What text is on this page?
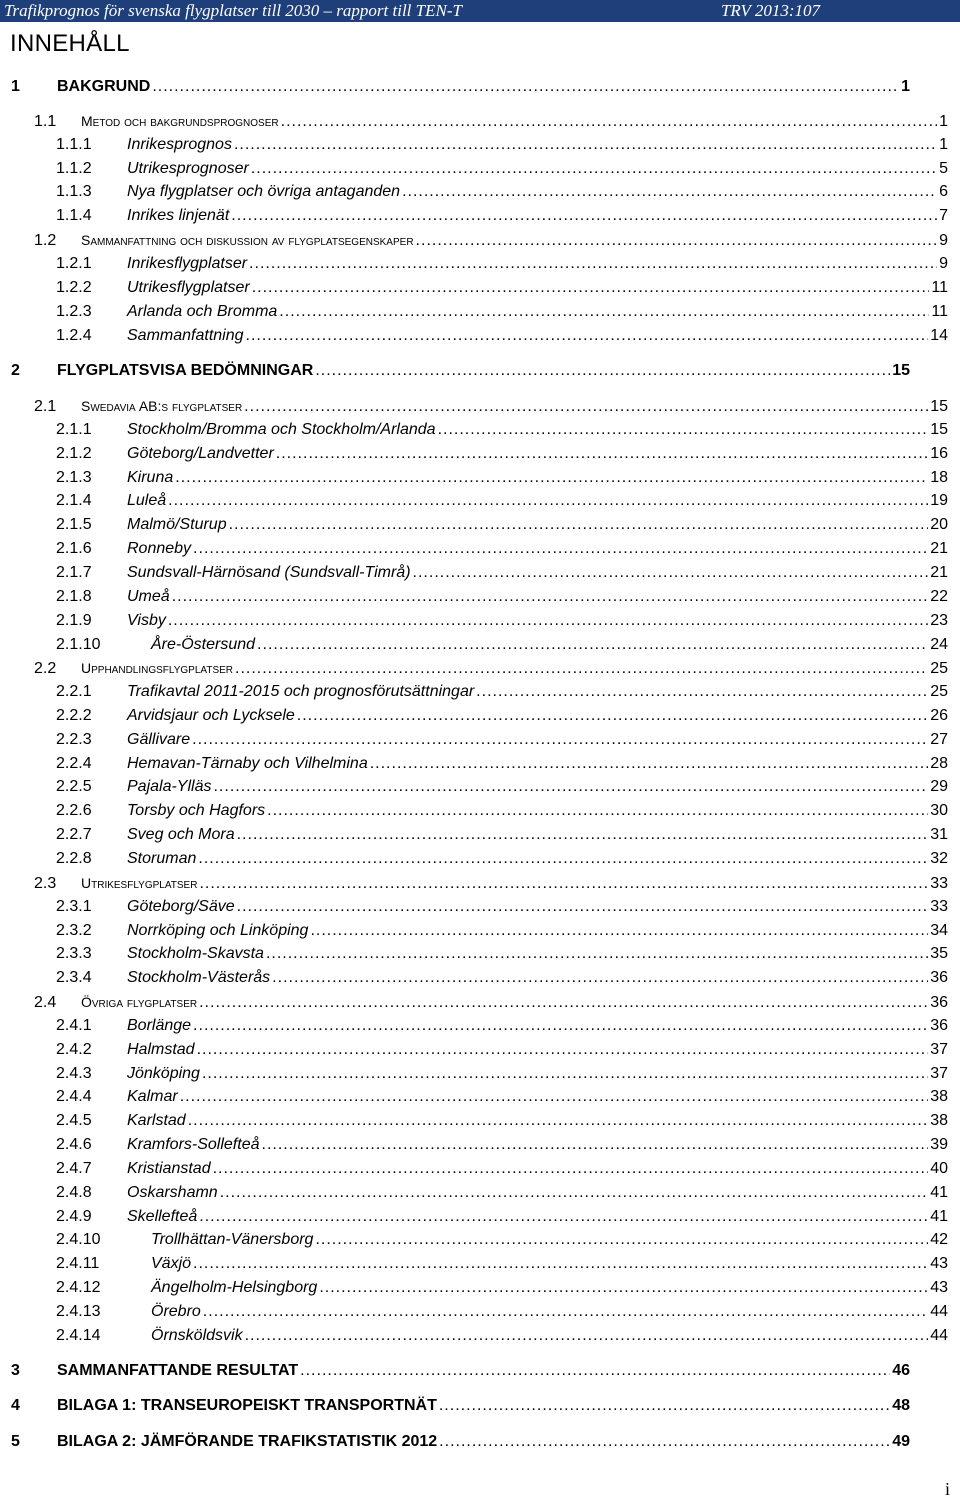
Trafikprognos för svenska flygplatser till 2030 – rapport till TEN-T	TRV 2013:107
INNEHÅLL
1	BAKGRUND .....	1
1.1	Metod och bakgrundsprognoser .....	1
1.1.1	Inrikesprognos .....	1
1.1.2	Utrikesprognoser .....	5
1.1.3	Nya flygplatser och övriga antaganden .....	6
1.1.4	Inrikes linjenät .....	7
1.2	Sammanfattning och diskussion av flygplatsegenskaper .....	9
1.2.1	Inrikesflygplatser .....	9
1.2.2	Utrikesflygplatser .....	11
1.2.3	Arlanda och Bromma .....	11
1.2.4	Sammanfattning .....	14
2	FLYGPLATSVISA BEDÖMNINGAR .....	15
2.1	Swedavia AB:s flygplatser .....	15
2.1.1	Stockholm/Bromma och Stockholm/Arlanda .....	15
2.1.2	Göteborg/Landvetter .....	16
2.1.3	Kiruna .....	18
2.1.4	Luleå .....	19
2.1.5	Malmö/Sturup .....	20
2.1.6	Ronneby .....	21
2.1.7	Sundsvall-Härnösand (Sundsvall-Timrå) .....	21
2.1.8	Umeå .....	22
2.1.9	Visby .....	23
2.1.10	Åre-Östersund .....	24
2.2	Upphandlingsflygplatser .....	25
2.2.1	Trafikavtal 2011-2015 och prognosförutsättningar .....	25
2.2.2	Arvidsjaur och Lycksele .....	26
2.2.3	Gällivare .....	27
2.2.4	Hemavan-Tärnaby och Vilhelmina .....	28
2.2.5	Pajala-Ylläs .....	29
2.2.6	Torsby och Hagfors .....	30
2.2.7	Sveg och Mora .....	31
2.2.8	Storuman .....	32
2.3	Utrikesflygplatser .....	33
2.3.1	Göteborg/Säve .....	33
2.3.2	Norrköping och Linköping .....	34
2.3.3	Stockholm-Skavsta .....	35
2.3.4	Stockholm-Västerås .....	36
2.4	Övriga flygplatser .....	36
2.4.1	Borlänge .....	36
2.4.2	Halmstad .....	37
2.4.3	Jönköping .....	37
2.4.4	Kalmar .....	38
2.4.5	Karlstad .....	38
2.4.6	Kramfors-Sollefteå .....	39
2.4.7	Kristianstad .....	40
2.4.8	Oskarshamn .....	41
2.4.9	Skellefteå .....	41
2.4.10	Trollhättan-Vänersborg .....	42
2.4.11	Växjö .....	43
2.4.12	Ängelholm-Helsingborg .....	43
2.4.13	Örebro .....	44
2.4.14	Örnsköldsvik .....	44
3	SAMMANFATTANDE RESULTAT .....	46
4	BILAGA 1: TRANSEUROPEISKT TRANSPORTNÄT .....	48
5	BILAGA 2: JÄMFÖRANDE TRAFIKSTATISTIK 2012 .....	49
i
